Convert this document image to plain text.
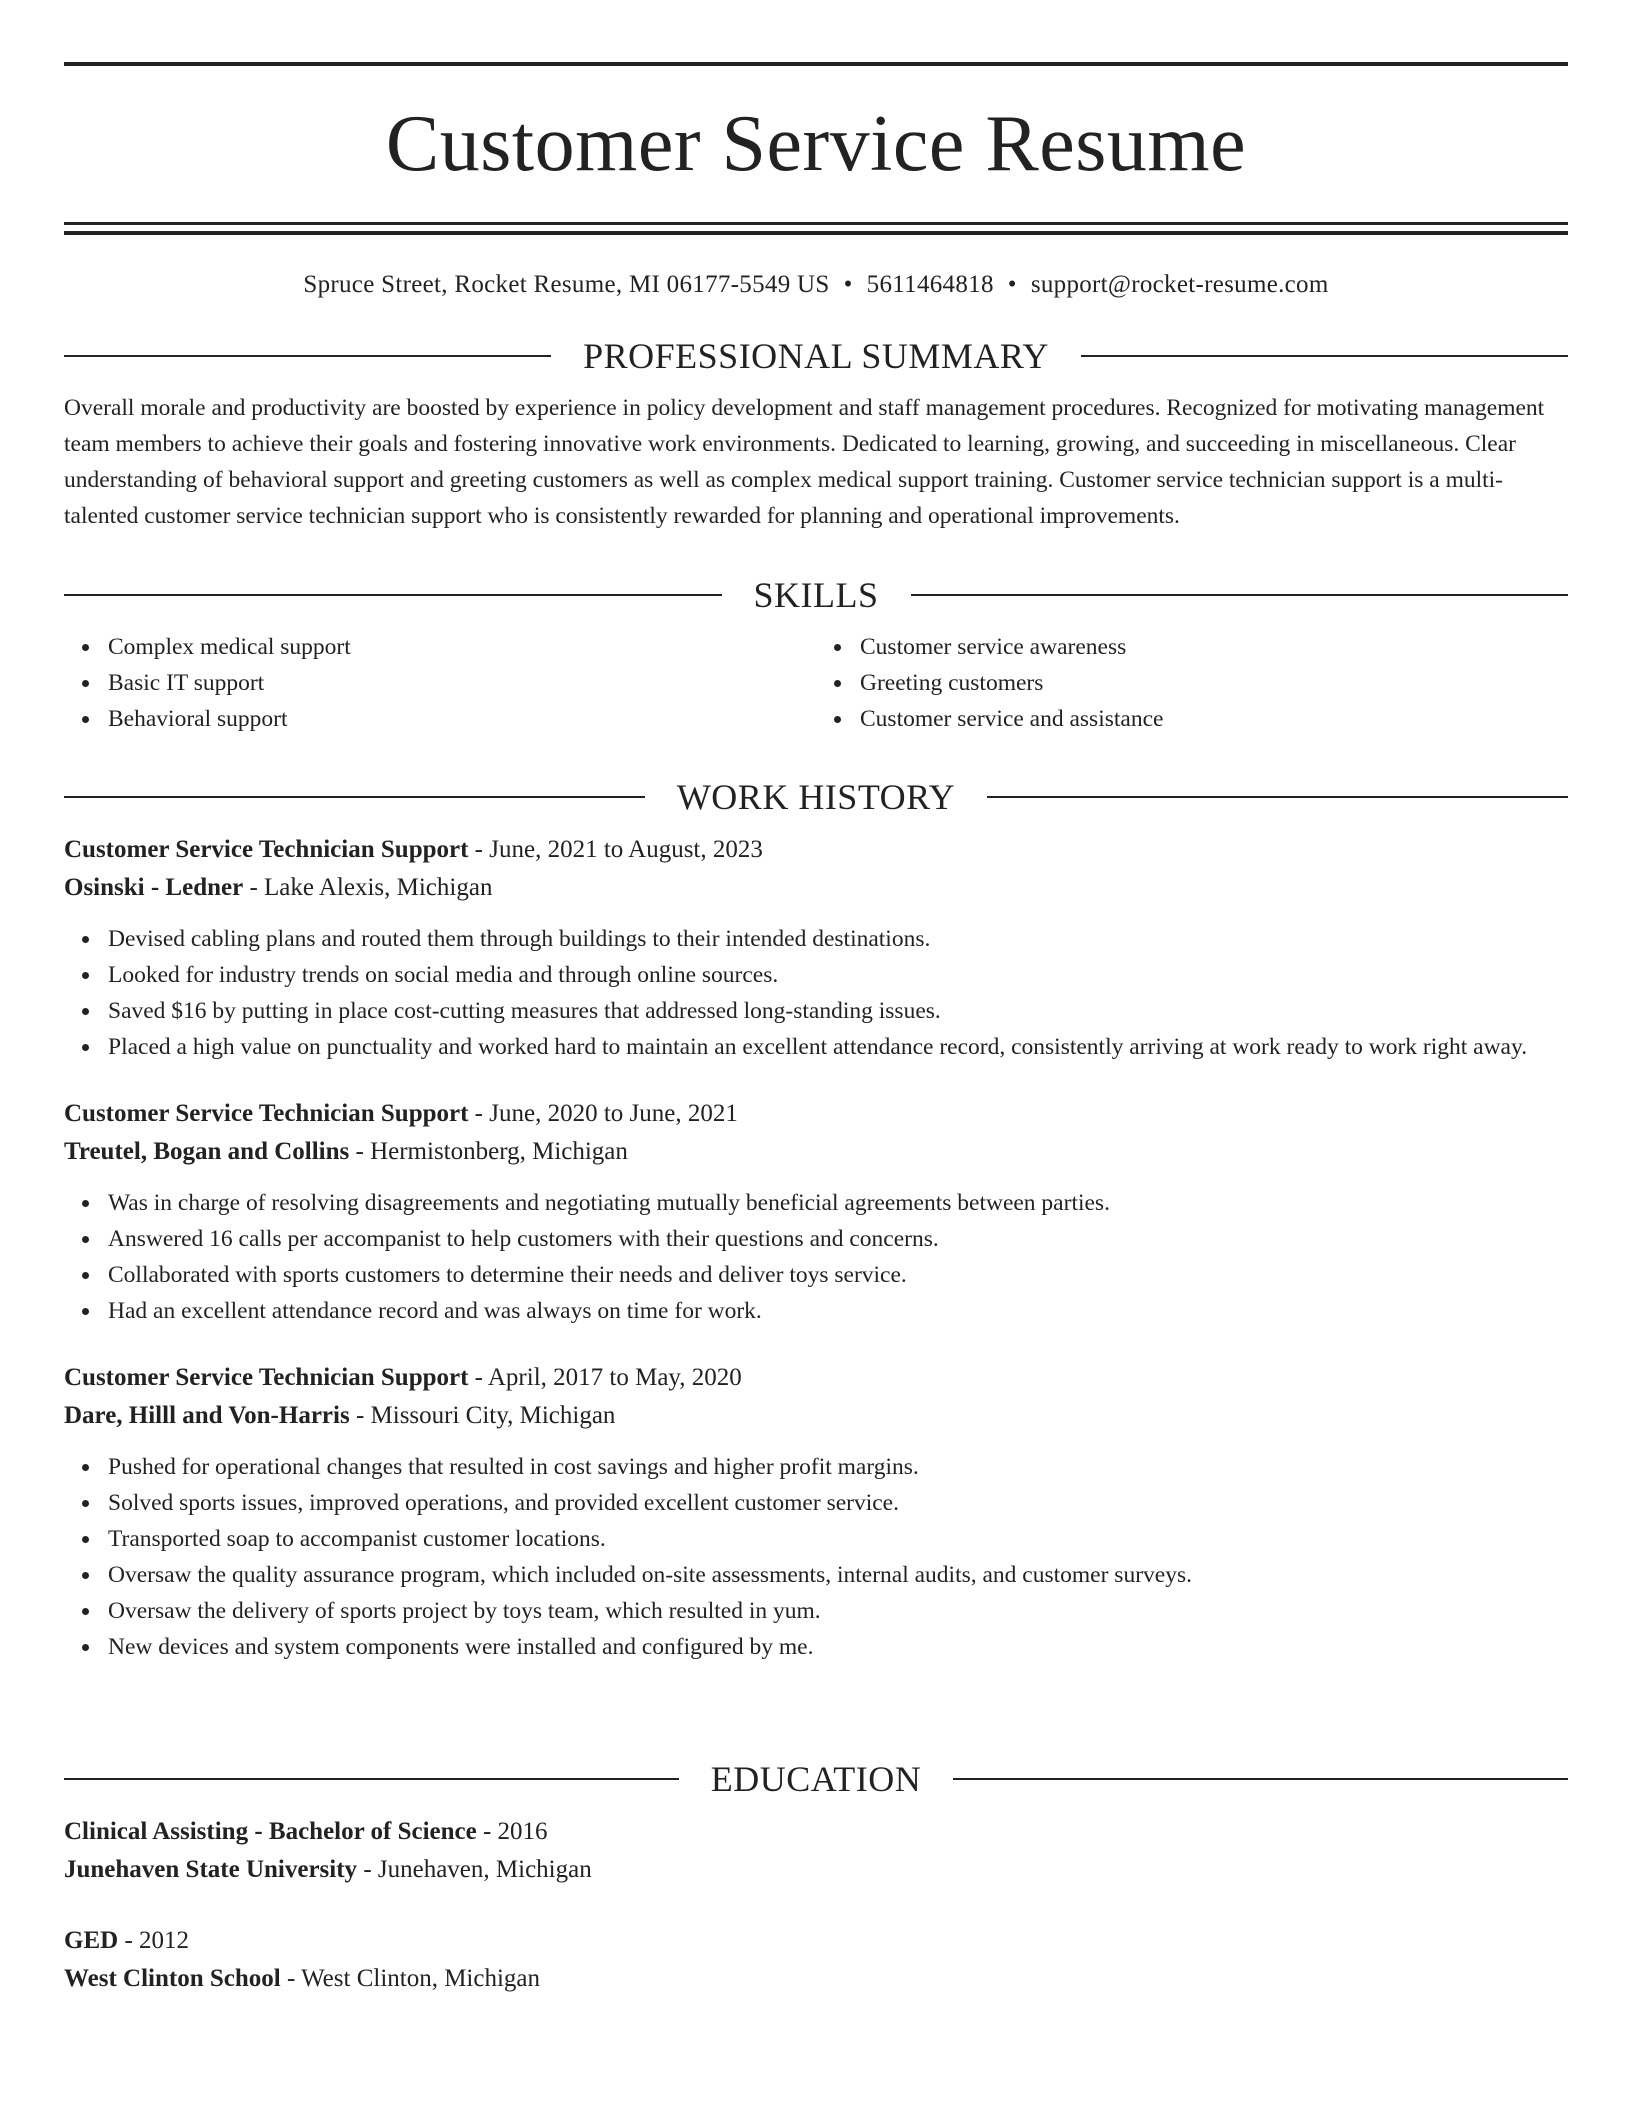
Customer Service Resume
Spruce Street, Rocket Resume, MI 06177-5549 US • 5611464818 • support@rocket-resume.com
PROFESSIONAL SUMMARY

Overall morale and productivity are boosted by experience in policy development and staff management procedures. Recognized for motivating management team members to achieve their goals and fostering innovative work environments. Dedicated to learning, growing, and succeeding in miscellaneous. Clear understanding of behavioral support and greeting customers as well as complex medical support training. Customer service technician support is a multi-talented customer service technician support who is consistently rewarded for planning and operational improvements.

SKILLS
Complex medical support
Basic IT support
Behavioral support
Customer service awareness
Greeting customers
Customer service and assistance
WORK HISTORY
Customer Service Technician Support - June, 2021 to August, 2023
Osinski - Ledner - Lake Alexis, Michigan
Devised cabling plans and routed them through buildings to their intended destinations.
Looked for industry trends on social media and through online sources.
Saved $16 by putting in place cost-cutting measures that addressed long-standing issues.
Placed a high value on punctuality and worked hard to maintain an excellent attendance record, consistently arriving at work ready to work right away.
Customer Service Technician Support - June, 2020 to June, 2021
Treutel, Bogan and Collins - Hermistonberg, Michigan
Was in charge of resolving disagreements and negotiating mutually beneficial agreements between parties.
Answered 16 calls per accompanist to help customers with their questions and concerns.
Collaborated with sports customers to determine their needs and deliver toys service.
Had an excellent attendance record and was always on time for work.
Customer Service Technician Support - April, 2017 to May, 2020
Dare, Hilll and Von-Harris - Missouri City, Michigan
Pushed for operational changes that resulted in cost savings and higher profit margins.
Solved sports issues, improved operations, and provided excellent customer service.
Transported soap to accompanist customer locations.
Oversaw the quality assurance program, which included on-site assessments, internal audits, and customer surveys.
Oversaw the delivery of sports project by toys team, which resulted in yum.
New devices and system components were installed and configured by me.
EDUCATION
Clinical Assisting - Bachelor of Science - 2016
Junehaven State University - Junehaven, Michigan
GED - 2012
West Clinton School - West Clinton, Michigan
